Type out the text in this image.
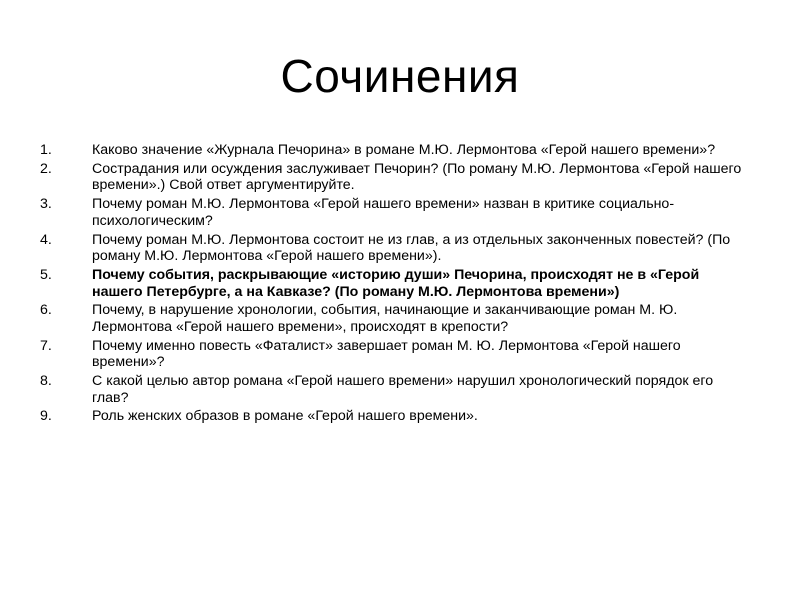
Сочинения
1.	Каково значение «Журнала Печорина» в романе М.Ю. Лермонтова «Герой нашего времени»?
2.	Сострадания или осуждения заслуживает Печорин? (По роману М.Ю. Лермонтова «Герой нашего времени».) Свой ответ аргументируйте.
3.	Почему роман М.Ю. Лермонтова «Герой нашего времени» назван в критике социально-психологическим?
4.	Почему роман М.Ю. Лермонтова состоит не из глав, а из отдельных законченных повестей? (По роману М.Ю. Лермонтова «Герой нашего времени»).
5.	Почему события, раскрывающие «историю души» Печорина, происходят не в «Герой нашего Петербурге, а на Кавказе? (По роману М.Ю. Лермонтова времени»)
6.	Почему, в нарушение хронологии, события, начинающие и заканчивающие роман М. Ю. Лермонтова «Герой нашего времени», происходят в крепости?
7.	Почему именно повесть «Фаталист» завершает роман М. Ю. Лермонтова «Герой нашего времени»?
8.	С какой целью автор романа «Герой нашего времени» нарушил хронологический порядок его глав?
9.	Роль женских образов в романе «Герой нашего времени».
